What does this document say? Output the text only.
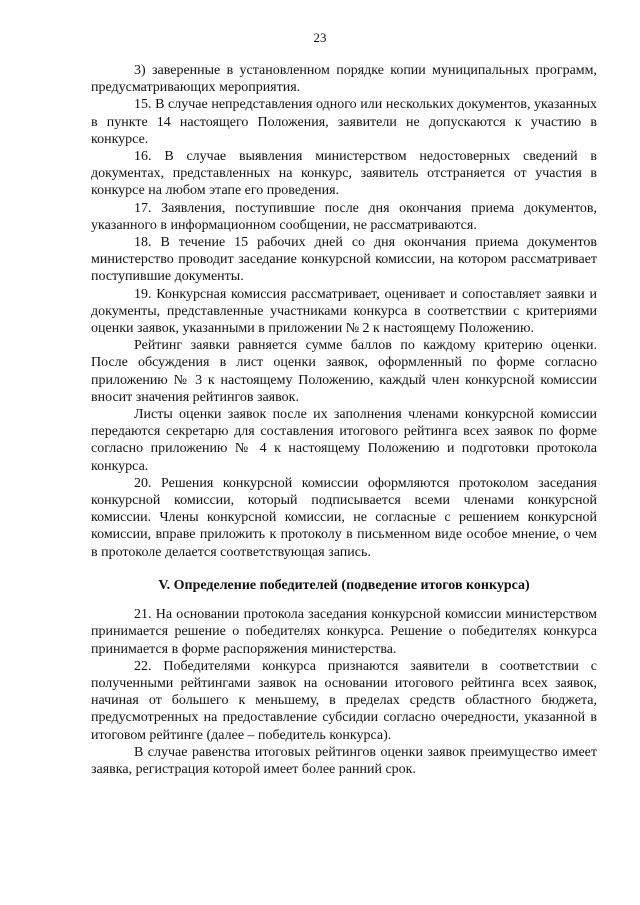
23

3) заверенные в установленном порядке копии муниципальных программ, предусматривающих мероприятия.

15. В случае непредставления одного или нескольких документов, указанных в пункте 14 настоящего Положения, заявители не допускаются к участию в конкурсе.

16. В случае выявления министерством недостоверных сведений в документах, представленных на конкурс, заявитель отстраняется от участия в конкурсе на любом этапе его проведения.

17. Заявления, поступившие после дня окончания приема документов, указанного в информационном сообщении, не рассматриваются.

18. В течение 15 рабочих дней со дня окончания приема документов министерство проводит заседание конкурсной комиссии, на котором рассматривает поступившие документы.

19. Конкурсная комиссия рассматривает, оценивает и сопоставляет заявки и документы, представленные участниками конкурса в соответствии с критериями оценки заявок, указанными в приложении № 2 к настоящему Положению.

Рейтинг заявки равняется сумме баллов по каждому критерию оценки. После обсуждения в лист оценки заявок, оформленный по форме согласно приложению № 3 к настоящему Положению, каждый член конкурсной комиссии вносит значения рейтингов заявок.

Листы оценки заявок после их заполнения членами конкурсной комиссии передаются секретарю для составления итогового рейтинга всех заявок по форме согласно приложению № 4 к настоящему Положению и подготовки протокола конкурса.

20. Решения конкурсной комиссии оформляются протоколом заседания конкурсной комиссии, который подписывается всеми членами конкурсной комиссии. Члены конкурсной комиссии, не согласные с решением конкурсной комиссии, вправе приложить к протоколу в письменном виде особое мнение, о чем в протоколе делается соответствующая запись.

V. Определение победителей (подведение итогов конкурса)

21. На основании протокола заседания конкурсной комиссии министерством принимается решение о победителях конкурса. Решение о победителях конкурса принимается в форме распоряжения министерства.

22. Победителями конкурса признаются заявители в соответствии с полученными рейтингами заявок на основании итогового рейтинга всех заявок, начиная от большего к меньшему, в пределах средств областного бюджета, предусмотренных на предоставление субсидии согласно очередности, указанной в итоговом рейтинге (далее – победитель конкурса).

В случае равенства итоговых рейтингов оценки заявок преимущество имеет заявка, регистрация которой имеет более ранний срок.
